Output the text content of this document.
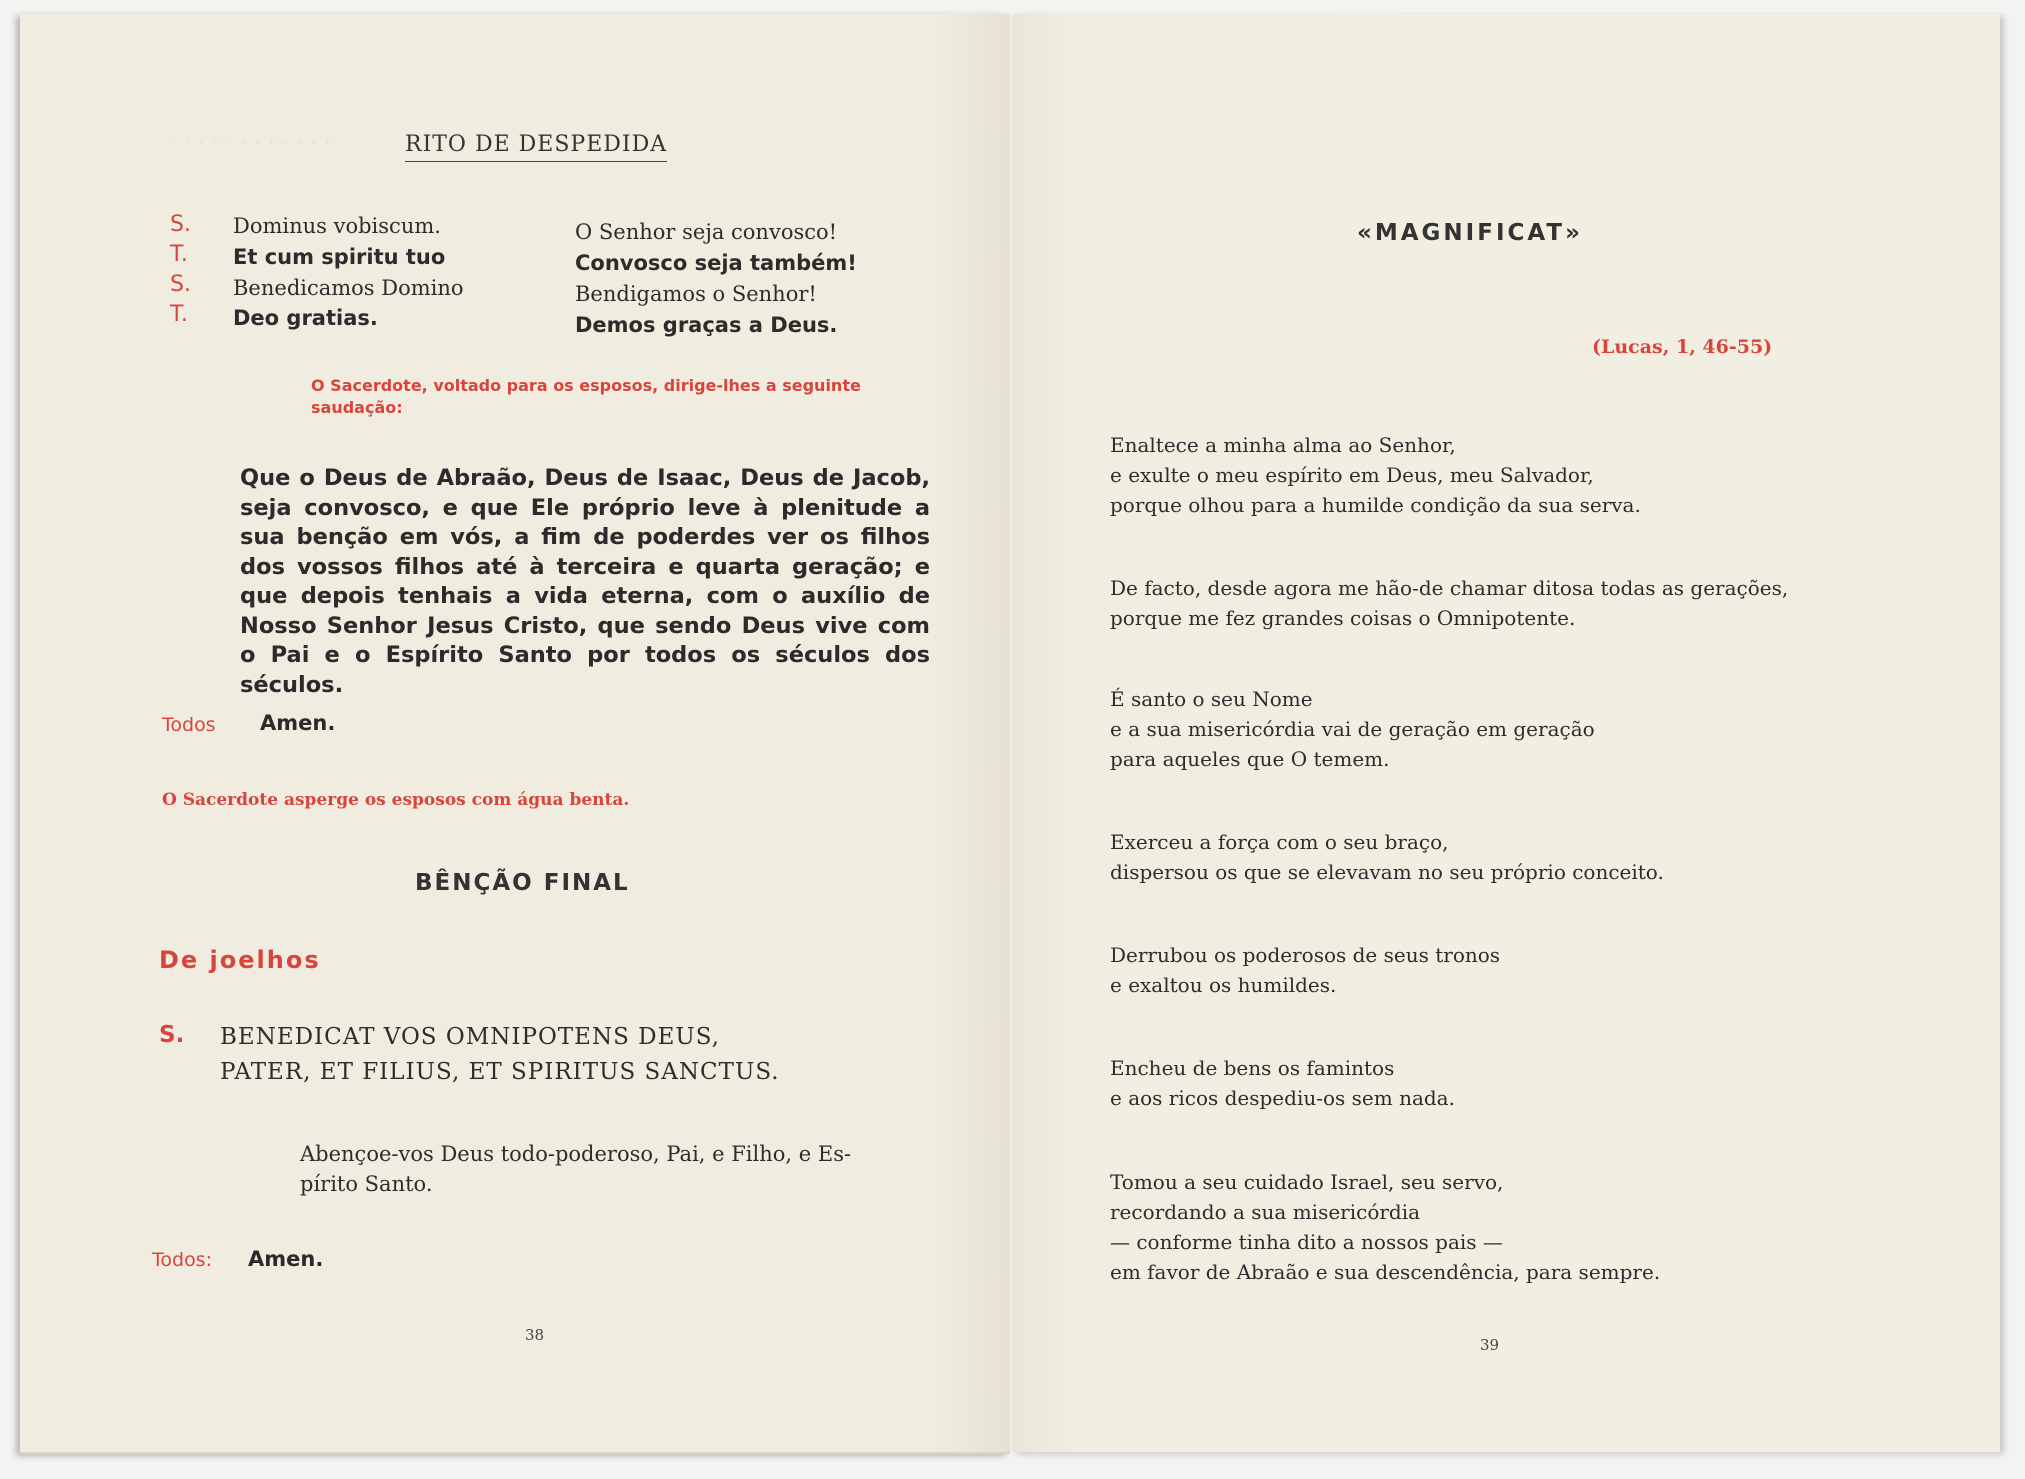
. . . . . . . . . . . .	RITO DE DESPEDIDA
S. Dominus vobiscum.	O Senhor seja convosco!
T. Et cum spiritu tuo	Convosco seja também!
S. Benedicamos Domino	Bendigamos o Senhor!
T. Deo gratias.	Demos graças a Deus.
O Sacerdote, voltado para os esposos, dirige-lhes a seguinte
saudação:
Que o Deus de Abraão, Deus de Isaac, Deus de Jacob, seja convosco, e que Ele próprio leve à plenitude a sua benção em vós, a fim de poderdes ver os filhos dos vossos filhos até à terceira e quarta geração; e que depois tenhais a vida eterna, com o auxílio de Nosso Senhor Jesus Cristo, que sendo Deus vive com o Pai e o Espírito Santo por todos os séculos dos séculos.
Todos Amen.
O Sacerdote asperge os esposos com água benta.
BÊNÇÃO FINAL
De joelhos
S. BENEDICAT VOS OMNIPOTENS DEUS,
PATER, ET FILIUS, ET SPIRITUS SANCTUS.
Abençoe-vos Deus todo-poderoso, Pai, e Filho, e Es-
pírito Santo.
Todos: Amen.
38
«MAGNIFICAT»
(Lucas, 1, 46-55)
Enaltece a minha alma ao Senhor,
e exulte o meu espírito em Deus, meu Salvador,
porque olhou para a humilde condição da sua serva.
De facto, desde agora me hão-de chamar ditosa todas as gerações,
porque me fez grandes coisas o Omnipotente.
É santo o seu Nome
e a sua misericórdia vai de geração em geração
para aqueles que O temem.
Exerceu a força com o seu braço,
dispersou os que se elevavam no seu próprio conceito.
Derrubou os poderosos de seus tronos
e exaltou os humildes.
Encheu de bens os famintos
e aos ricos despediu-os sem nada.
Tomou a seu cuidado Israel, seu servo,
recordando a sua misericórdia
— conforme tinha dito a nossos pais —
em favor de Abraão e sua descendência, para sempre.
39
